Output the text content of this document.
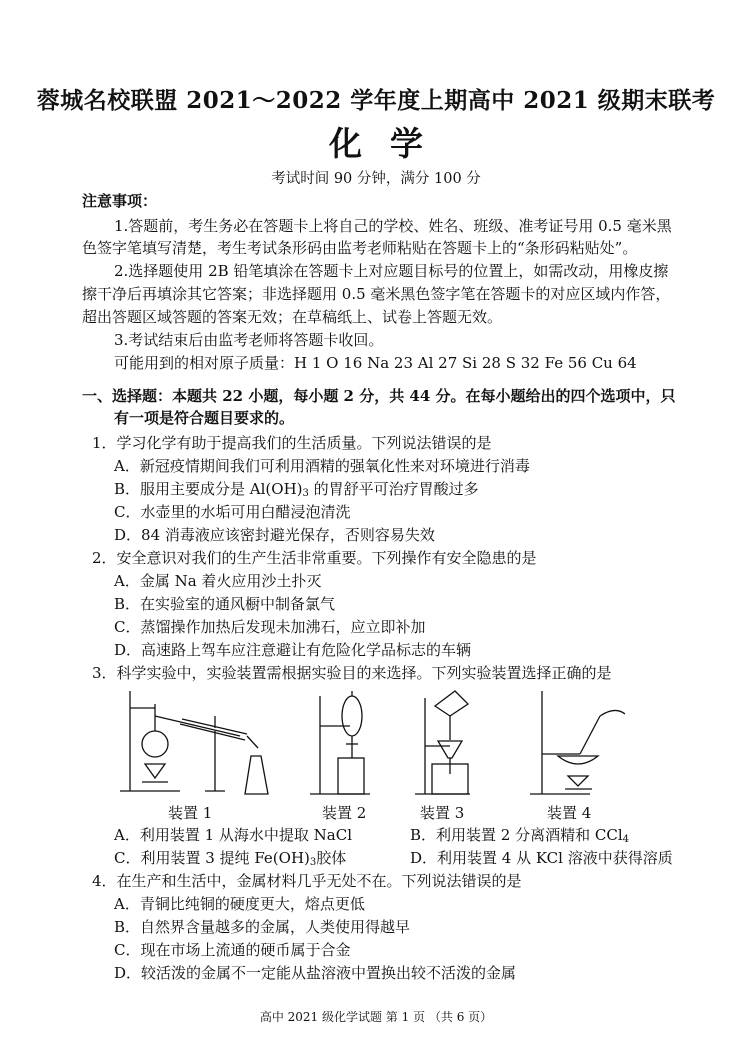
蓉城名校联盟 2021～2022 学年度上期高中 2021 级期末联考
化学
考试时间 90 分钟，满分 100 分
注意事项：
1.答题前，考生务必在答题卡上将自己的学校、姓名、班级、准考证号用 0.5 毫米黑
色签字笔填写清楚，考生考试条形码由监考老师粘贴在答题卡上的“条形码粘贴处”。
2.选择题使用 2B 铅笔填涂在答题卡上对应题目标号的位置上，如需改动，用橡皮擦
擦干净后再填涂其它答案；非选择题用 0.5 毫米黑色签字笔在答题卡的对应区域内作答，
超出答题区域答题的答案无效；在草稿纸上、试卷上答题无效。
3.考试结束后由监考老师将答题卡收回。
可能用到的相对原子质量：H 1 O 16 Na 23 Al 27 Si 28 S 32 Fe 56 Cu 64
一、选择题：本题共 22 小题，每小题 2 分，共 44 分。在每小题给出的四个选项中，只
有一项是符合题目要求的。
1．学习化学有助于提高我们的生活质量。下列说法错误的是
A．新冠疫情期间我们可利用酒精的强氧化性来对环境进行消毒
B．服用主要成分是 $Al(OH)_3$ 的胃舒平可治疗胃酸过多
C．水壶里的水垢可用白醋浸泡清洗
D．84 消毒液应该密封避光保存，否则容易失效
2．安全意识对我们的生产生活非常重要。下列操作有安全隐患的是
A．金属 Na 着火应用沙土扑灭
B．在实验室的通风橱中制备氯气
C．蒸馏操作加热后发现未加沸石，应立即补加
D．高速路上驾车应注意避让有危险化学品标志的车辆
3．科学实验中，实验装置需根据实验目的来选择。下列实验装置选择正确的是
装置 1	装置 2	装置 3	装置 4
A．利用装置 1 从海水中提取 NaCl	B．利用装置 2 分离酒精和 CCl$_4$
C．利用装置 3 提纯 $Fe(OH)_3$胶体	D．利用装置 4 从 KCl 溶液中获得溶质
4．在生产和生活中，金属材料几乎无处不在。下列说法错误的是
A．青铜比纯铜的硬度更大，熔点更低
B．自然界含量越多的金属，人类使用得越早
C．现在市场上流通的硬币属于合金
D．较活泼的金属不一定能从盐溶液中置换出较不活泼的金属
高中 2021 级化学试题 第 1 页 （共 6 页）
